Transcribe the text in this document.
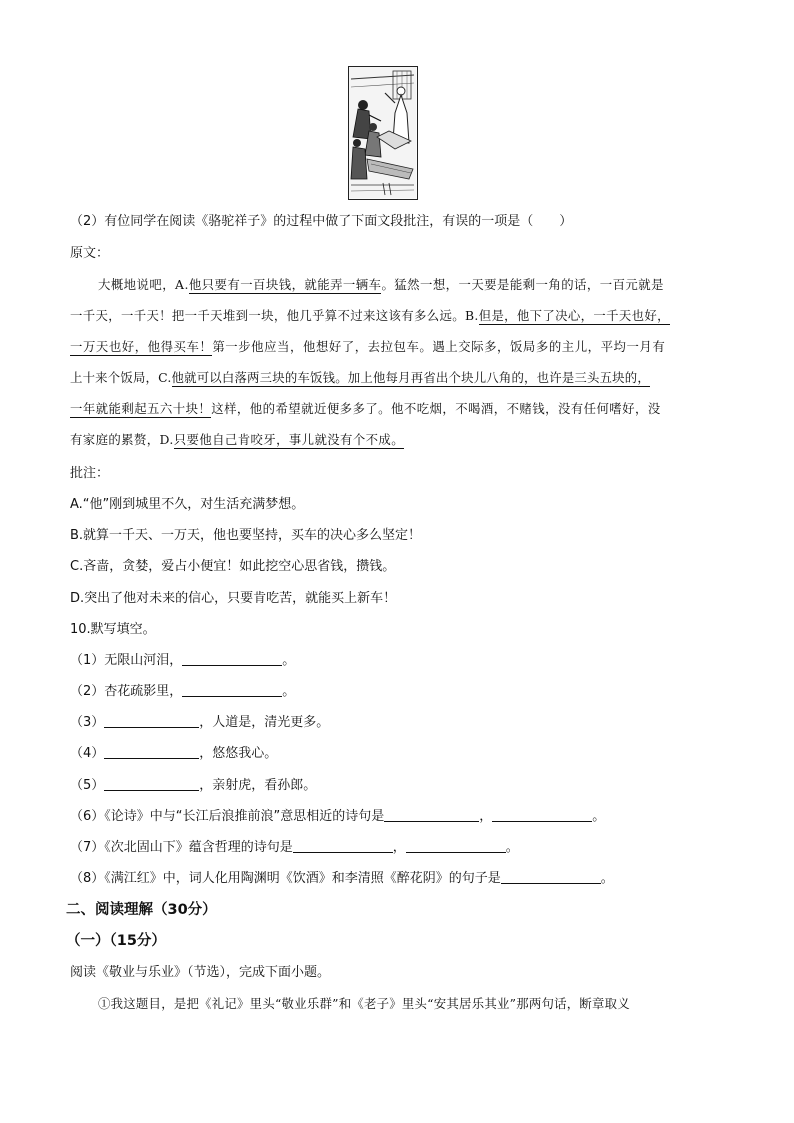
（2）有位同学在阅读《骆驼祥子》的过程中做了下面文段批注，有误的一项是（　　）
原文：
大概地说吧，A.他只要有一百块钱，就能弄一辆车。猛然一想，一天要是能剩一角的话，一百元就是
一千天，一千天！把一千天堆到一块，他几乎算不过来这该有多么远。B.但是，他下了决心，一千天也好，
一万天也好，他得买车！第一步他应当，他想好了，去拉包车。遇上交际多，饭局多的主儿，平均一月有
上十来个饭局，C.他就可以白落两三块的车饭钱。加上他每月再省出个块儿八角的，也许是三头五块的，
一年就能剩起五六十块！这样，他的希望就近便多多了。他不吃烟，不喝酒，不赌钱，没有任何嗜好，没
有家庭的累赘，D.只要他自己肯咬牙，事儿就没有个不成。
批注：
A.“他”刚到城里不久，对生活充满梦想。
B.就算一千天、一万天，他也要坚持，买车的决心多么坚定！
C.吝啬，贪婪，爱占小便宜！如此挖空心思省钱，攒钱。
D.突出了他对未来的信心，只要肯吃苦，就能买上新车！
10.默写填空。
（1）无限山河泪，	。
（2）杏花疏影里，	。
（3）	，人道是，清光更多。
（4）	，悠悠我心。
（5）	，亲射虎，看孙郎。
（6）《论诗》中与“长江后浪推前浪”意思相近的诗句是	，	。
（7）《次北固山下》蕴含哲理的诗句是	，	。
（8）《满江红》中，词人化用陶渊明《饮酒》和李清照《醉花阴》的句子是	。
二、阅读理解（30分）
（一）（15分）
阅读《敬业与乐业》（节选），完成下面小题。
①我这题目，是把《礼记》里头“敬业乐群”和《老子》里头“安其居乐其业”那两句话，断章取义
